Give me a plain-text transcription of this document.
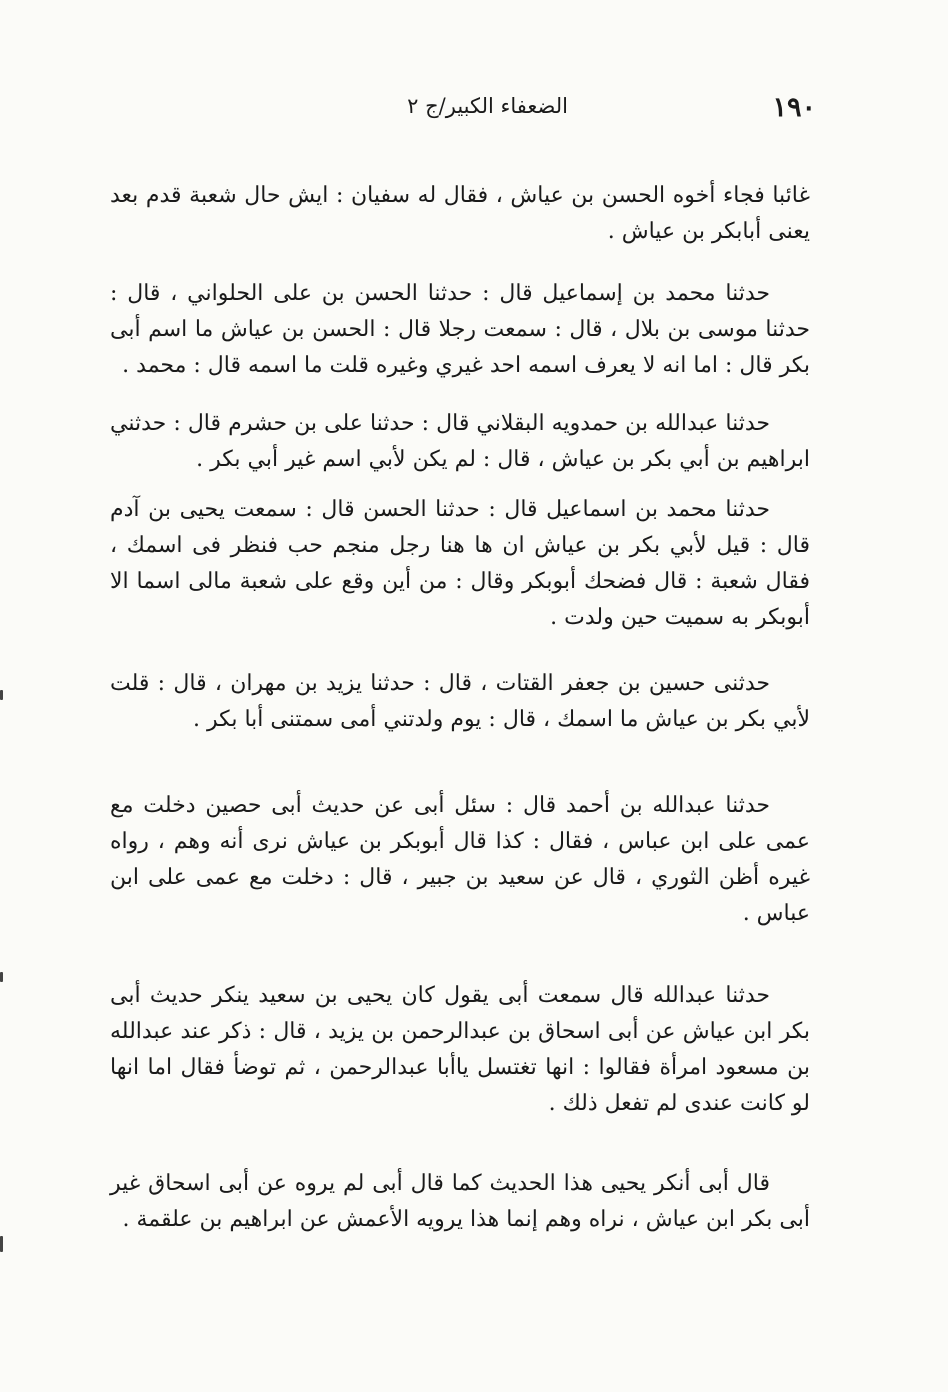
١٩٠
الضعفاء الكبير/ج ٢

غائبا فجاء أخوه الحسن بن عياش ، فقال له سفيان : ايش حال شعبة قدم بعد يعنى أبابكر بن عياش .

حدثنا محمد بن إسماعيل قال : حدثنا الحسن بن على الحلواني ، قال : حدثنا موسى بن بلال ، قال : سمعت رجلا قال : الحسن بن عياش ما اسم أبى بكر قال : اما انه لا يعرف اسمه احد غيري وغيره قلت ما اسمه قال : محمد .

حدثنا عبدالله بن حمدويه البقلاني قال : حدثنا على بن حشرم قال : حدثني ابراهيم بن أبي بكر بن عياش ، قال : لم يكن لأبي اسم غير أبي بكر .

حدثنا محمد بن اسماعيل قال : حدثنا الحسن قال : سمعت يحيى بن آدم قال : قيل لأبي بكر بن عياش ان ها هنا رجل منجم حب فنظر فى اسمك ، فقال شعبة : قال فضحك أبوبكر وقال : من أين وقع على شعبة مالى اسما الا أبوبكر به سميت حين ولدت .

حدثنى حسين بن جعفر القتات ، قال : حدثنا يزيد بن مهران ، قال : قلت لأبي بكر بن عياش ما اسمك ، قال : يوم ولدتني أمى سمتنى أبا بكر .

حدثنا عبدالله بن أحمد قال : سئل أبى عن حديث أبى حصين دخلت مع عمى على ابن عباس ، فقال : كذا قال أبوبكر بن عياش نرى أنه وهم ، رواه غيره أظن الثوري ، قال عن سعيد بن جبير ، قال : دخلت مع عمى على ابن عباس .

حدثنا عبدالله قال سمعت أبى يقول كان يحيى بن سعيد ينكر حديث أبى بكر ابن عياش عن أبى اسحاق بن عبدالرحمن بن يزيد ، قال : ذكر عند عبدالله بن مسعود امرأة فقالوا : انها تغتسل ياأبا عبدالرحمن ، ثم توضأ فقال اما انها لو كانت عندى لم تفعل ذلك .

قال أبى أنكر يحيى هذا الحديث كما قال أبى لم يروه عن أبى اسحاق غير أبى بكر ابن عياش ، نراه وهم إنما هذا يرويه الأعمش عن ابراهيم بن علقمة .
